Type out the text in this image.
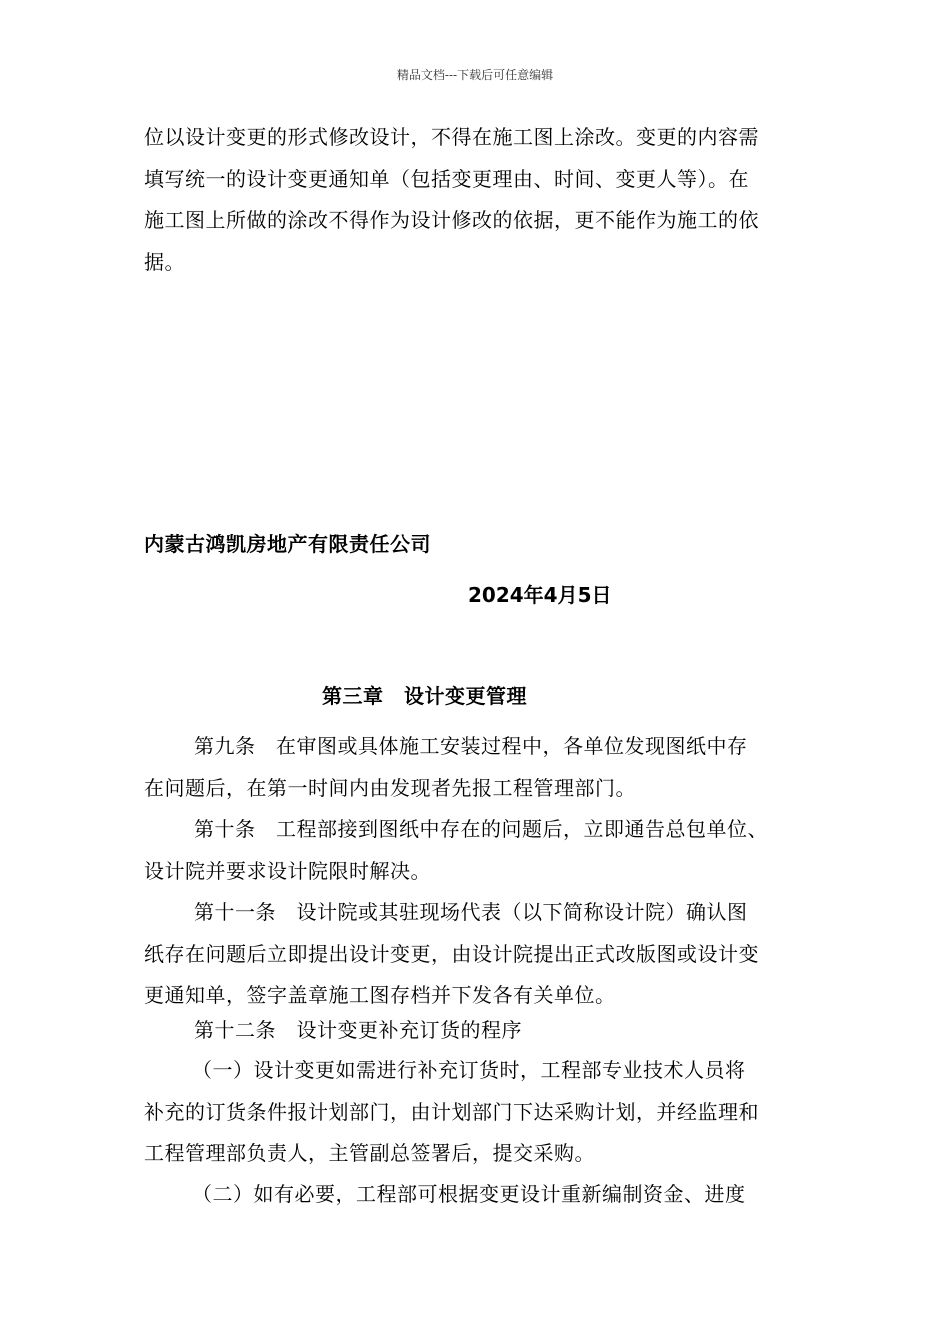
精品文档---下载后可任意编辑
位以设计变更的形式修改设计，不得在施工图上涂改。变更的内容需
填写统一的设计变更通知单（包括变更理由、时间、变更人等）。在
施工图上所做的涂改不得作为设计修改的依据，更不能作为施工的依
据。
内蒙古鸿凯房地产有限责任公司
2024年4月5日
第三章　设计变更管理
第九条　在审图或具体施工安装过程中，各单位发现图纸中存
在问题后，在第一时间内由发现者先报工程管理部门。
第十条　工程部接到图纸中存在的问题后，立即通告总包单位、
设计院并要求设计院限时解决。
第十一条　设计院或其驻现场代表（以下简称设计院）确认图
纸存在问题后立即提出设计变更，由设计院提出正式改版图或设计变
更通知单，签字盖章施工图存档并下发各有关单位。
第十二条　设计变更补充订货的程序
（一）设计变更如需进行补充订货时，工程部专业技术人员将
补充的订货条件报计划部门，由计划部门下达采购计划，并经监理和
工程管理部负责人，主管副总签署后，提交采购。
（二）如有必要，工程部可根据变更设计重新编制资金、进度
